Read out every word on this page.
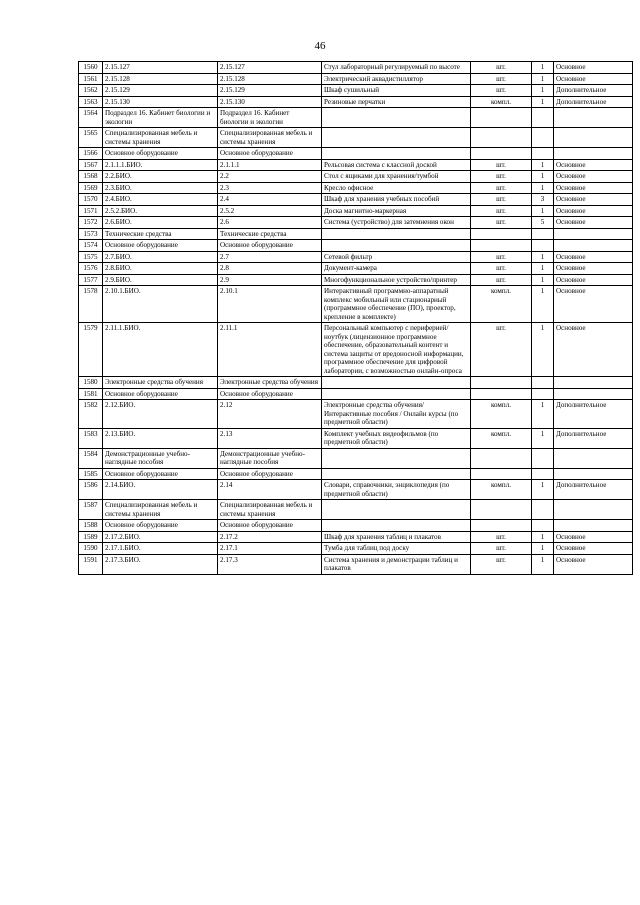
46
1560	2.15.127	2.15.127	Стул лабораторный регулируемый по высоте	шт.	1	Основное
1561	2.15.128	2.15.128	Электрический аквадистиллятор	шт.	1	Основное
1562	2.15.129	2.15.129	Шкаф сушильный	шт.	1	Дополнительное
1563	2.15.130	2.15.130	Резиновые перчатки	компл.	1	Дополнительное
1564	Подраздел 16. Кабинет биологии и экологии	Подраздел 16. Кабинет биологии и экологии				
1565	Специализированная мебель и системы хранения	Специализированная мебель и системы хранения				
1566	Основное оборудование	Основное оборудование				
1567	2.1.1.1.БИО.	2.1.1.1	Рельсовая система с классной доской	шт.	1	Основное
1568	2.2.БИО.	2.2	Стол с ящиками для хранения/тумбой	шт.	1	Основное
1569	2.3.БИО.	2.3	Кресло офисное	шт.	1	Основное
1570	2.4.БИО.	2.4	Шкаф для хранения учебных пособий	шт.	3	Основное
1571	2.5.2.БИО.	2.5.2	Доска магнитно-маркерная	шт.	1	Основное
1572	2.6.БИО.	2.6	Система (устройство) для затемнения окон	шт.	5	Основное
1573	Технические средства	Технические средства				
1574	Основное оборудование	Основное оборудование				
1575	2.7.БИО.	2.7	Сетевой фильтр	шт.	1	Основное
1576	2.8.БИО.	2.8	Документ-камера	шт.	1	Основное
1577	2.9.БИО.	2.9	Многофункциональное устройство/принтер	шт.	1	Основное
1578	2.10.1.БИО.	2.10.1	Интерактивный программно-аппаратный комплекс мобильный или стационарный (программное обеспечение (ПО), проектор, крепление в комплекте)	компл.	1	Основное
1579	2.11.1.БИО.	2.11.1	Персональный компьютер с периферией/ноутбук (лицензионное программное обеспечение, образовательный контент и система защиты от вредоносной информации, программное обеспечение для цифровой лаборатории, с возможностью онлайн-опроса	шт.	1	Основное
1580	Электронные средства обучения	Электронные средства обучения				
1581	Основное оборудование	Основное оборудование				
1582	2.12.БИО.	2.12	Электронные средства обучения/Интерактивные пособия / Онлайн курсы (по предметной области)	компл.	1	Дополнительное
1583	2.13.БИО.	2.13	Комплект учебных видеофильмов (по предметной области)	компл.	1	Дополнительное
1584	Демонстрационные учебно-наглядные пособия	Демонстрационные учебно-наглядные пособия				
1585	Основное оборудование	Основное оборудование				
1586	2.14.БИО.	2.14	Словари, справочники, энциклопедия (по предметной области)	компл.	1	Дополнительное
1587	Специализированная мебель и системы хранения	Специализированная мебель и системы хранения				
1588	Основное оборудование	Основное оборудование				
1589	2.17.2.БИО.	2.17.2	Шкаф для хранения таблиц и плакатов	шт.	1	Основное
1590	2.17.1.БИО.	2.17.1	Тумба для таблиц под доску	шт.	1	Основное
1591	2.17.3.БИО.	2.17.3	Система хранения и демонстрации таблиц и плакатов	шт.	1	Основное
